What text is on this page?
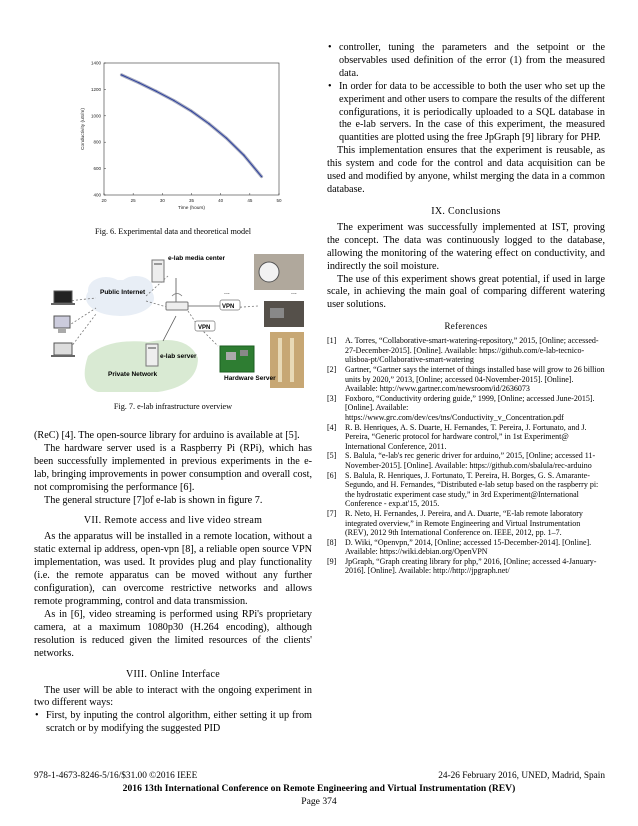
20	25	30	35	40	45	50
400
600
800
1000
1200
1400
Time (hours)
Conductivity (uS/m)
Fig. 6. Experimental data and theoretical model
e-lab media center
Public Internet
VPN
VPN
...	...
e-lab server
Hardware Server
Private Network
Fig. 7. e-lab infrastructure overview

(ReC) [4]. The open-source library for arduino is available at [5].

The hardware server used is a Raspberry Pi (RPi), which has been successfully implemented in previous experiments in the e-lab, bringing improvements in power consumption and overall cost, not compromising the performance [6].

The general structure [7]of e-lab is shown in figure 7.

VII. Remote access and live video stream

As the apparatus will be installed in a remote location, without a static external ip address, open-vpn [8], a reliable open source VPN implementation, was used. It provides plug and play functionality (i.e. the remote apparatus can be moved without any further configuration), can overcome restrictive networks and allows remote programming, control and data transmission.

As in [6], video streaming is performed using RPi's proprietary camera, at a maximum 1080p30 (H.264 encoding), although resolution is reduced given the limited resources of the clients' networks.

VIII. Online Interface

The user will be able to interact with the ongoing experiment in two different ways:

• First, by inputing the control algorithm, either setting it up from scratch or by modifying the suggested PID
• controller, tuning the parameters and the setpoint or the observables used definition of the error (1) from the measured data.
• In order for data to be accessible to both the user who set up the experiment and other users to compare the results of the different configurations, it is periodically uploaded to a SQL database in the e-lab servers. In the case of this experiment, the measured quantities are plotted using the free JpGraph [9] library for PHP.

This implementation ensures that the experiment is reusable, as this system and code for the control and data acquisition can be used and modified by anyone, whilst merging the data in a common database.

IX. Conclusions

The experiment was successfully implemented at IST, proving the concept. The data was continuously logged to the database, allowing the monitoring of the watering effect on conductivity, and indirectly the soil moisture.

The use of this experiment shows great potential, if used in large scale, in achieving the main goal of comparing different watering user solutions.

References
[1] A. Torres, “Collaborative-smart-watering-repository,” 2015, [Online; accessed-27-December-2015]. [Online]. Available: https://github.com/e-lab-tecnico-ulisboa-pt/Collaborative-smart-watering
[2] Gartner, “Gartner says the internet of things installed base will grow to 26 billion units by 2020,” 2013, [Online; accessed 04-November-2015]. [Online]. Available: http://www.gartner.com/newsroom/id/2636073
[3] Foxboro, “Conductivity ordering guide,” 1999, [Online; accessed June-2015]. [Online]. Available: https://www.grc.com/dev/ces/tns/Conductivity_v_Concentration.pdf
[4] R. B. Henriques, A. S. Duarte, H. Fernandes, T. Pereira, J. Fortunato, and J. Pereira, “Generic protocol for hardware control,” in 1st Experiment@ International Conference, 2011.
[5] S. Balula, “e-lab's rec generic driver for arduino,” 2015, [Online; accessed 11-November-2015]. [Online]. Available: https://github.com/sbalula/rec-arduino
[6] S. Balula, R. Henriques, J. Fortunato, T. Pereira, H. Borges, G. S. Amarante-Segundo, and H. Fernandes, “Distributed e-lab setup based on the raspberry pi: the hydrostatic experiment case study,” in 3rd Experiment@International Conference - exp.at'15, 2015.
[7] R. Neto, H. Fernandes, J. Pereira, and A. Duarte, “E-lab remote laboratory integrated overview,” in Remote Engineering and Virtual Instrumentation (REV), 2012 9th International Conference on. IEEE, 2012, pp. 1–7.
[8] D. Wiki, “Openvpn,” 2014, [Online; accessed 15-December-2014]. [Online]. Available: https://wiki.debian.org/OpenVPN
[9] JpGraph, “Graph creating library for php,” 2016, [Online; accessed 4-January-2016]. [Online]. Available: http://http://jpgraph.net/
978-1-4673-8246-5/16/$31.00 ©2016 IEEE	24-26 February 2016, UNED, Madrid, Spain
2016 13th International Conference on Remote Engineering and Virtual Instrumentation (REV)
Page 374
